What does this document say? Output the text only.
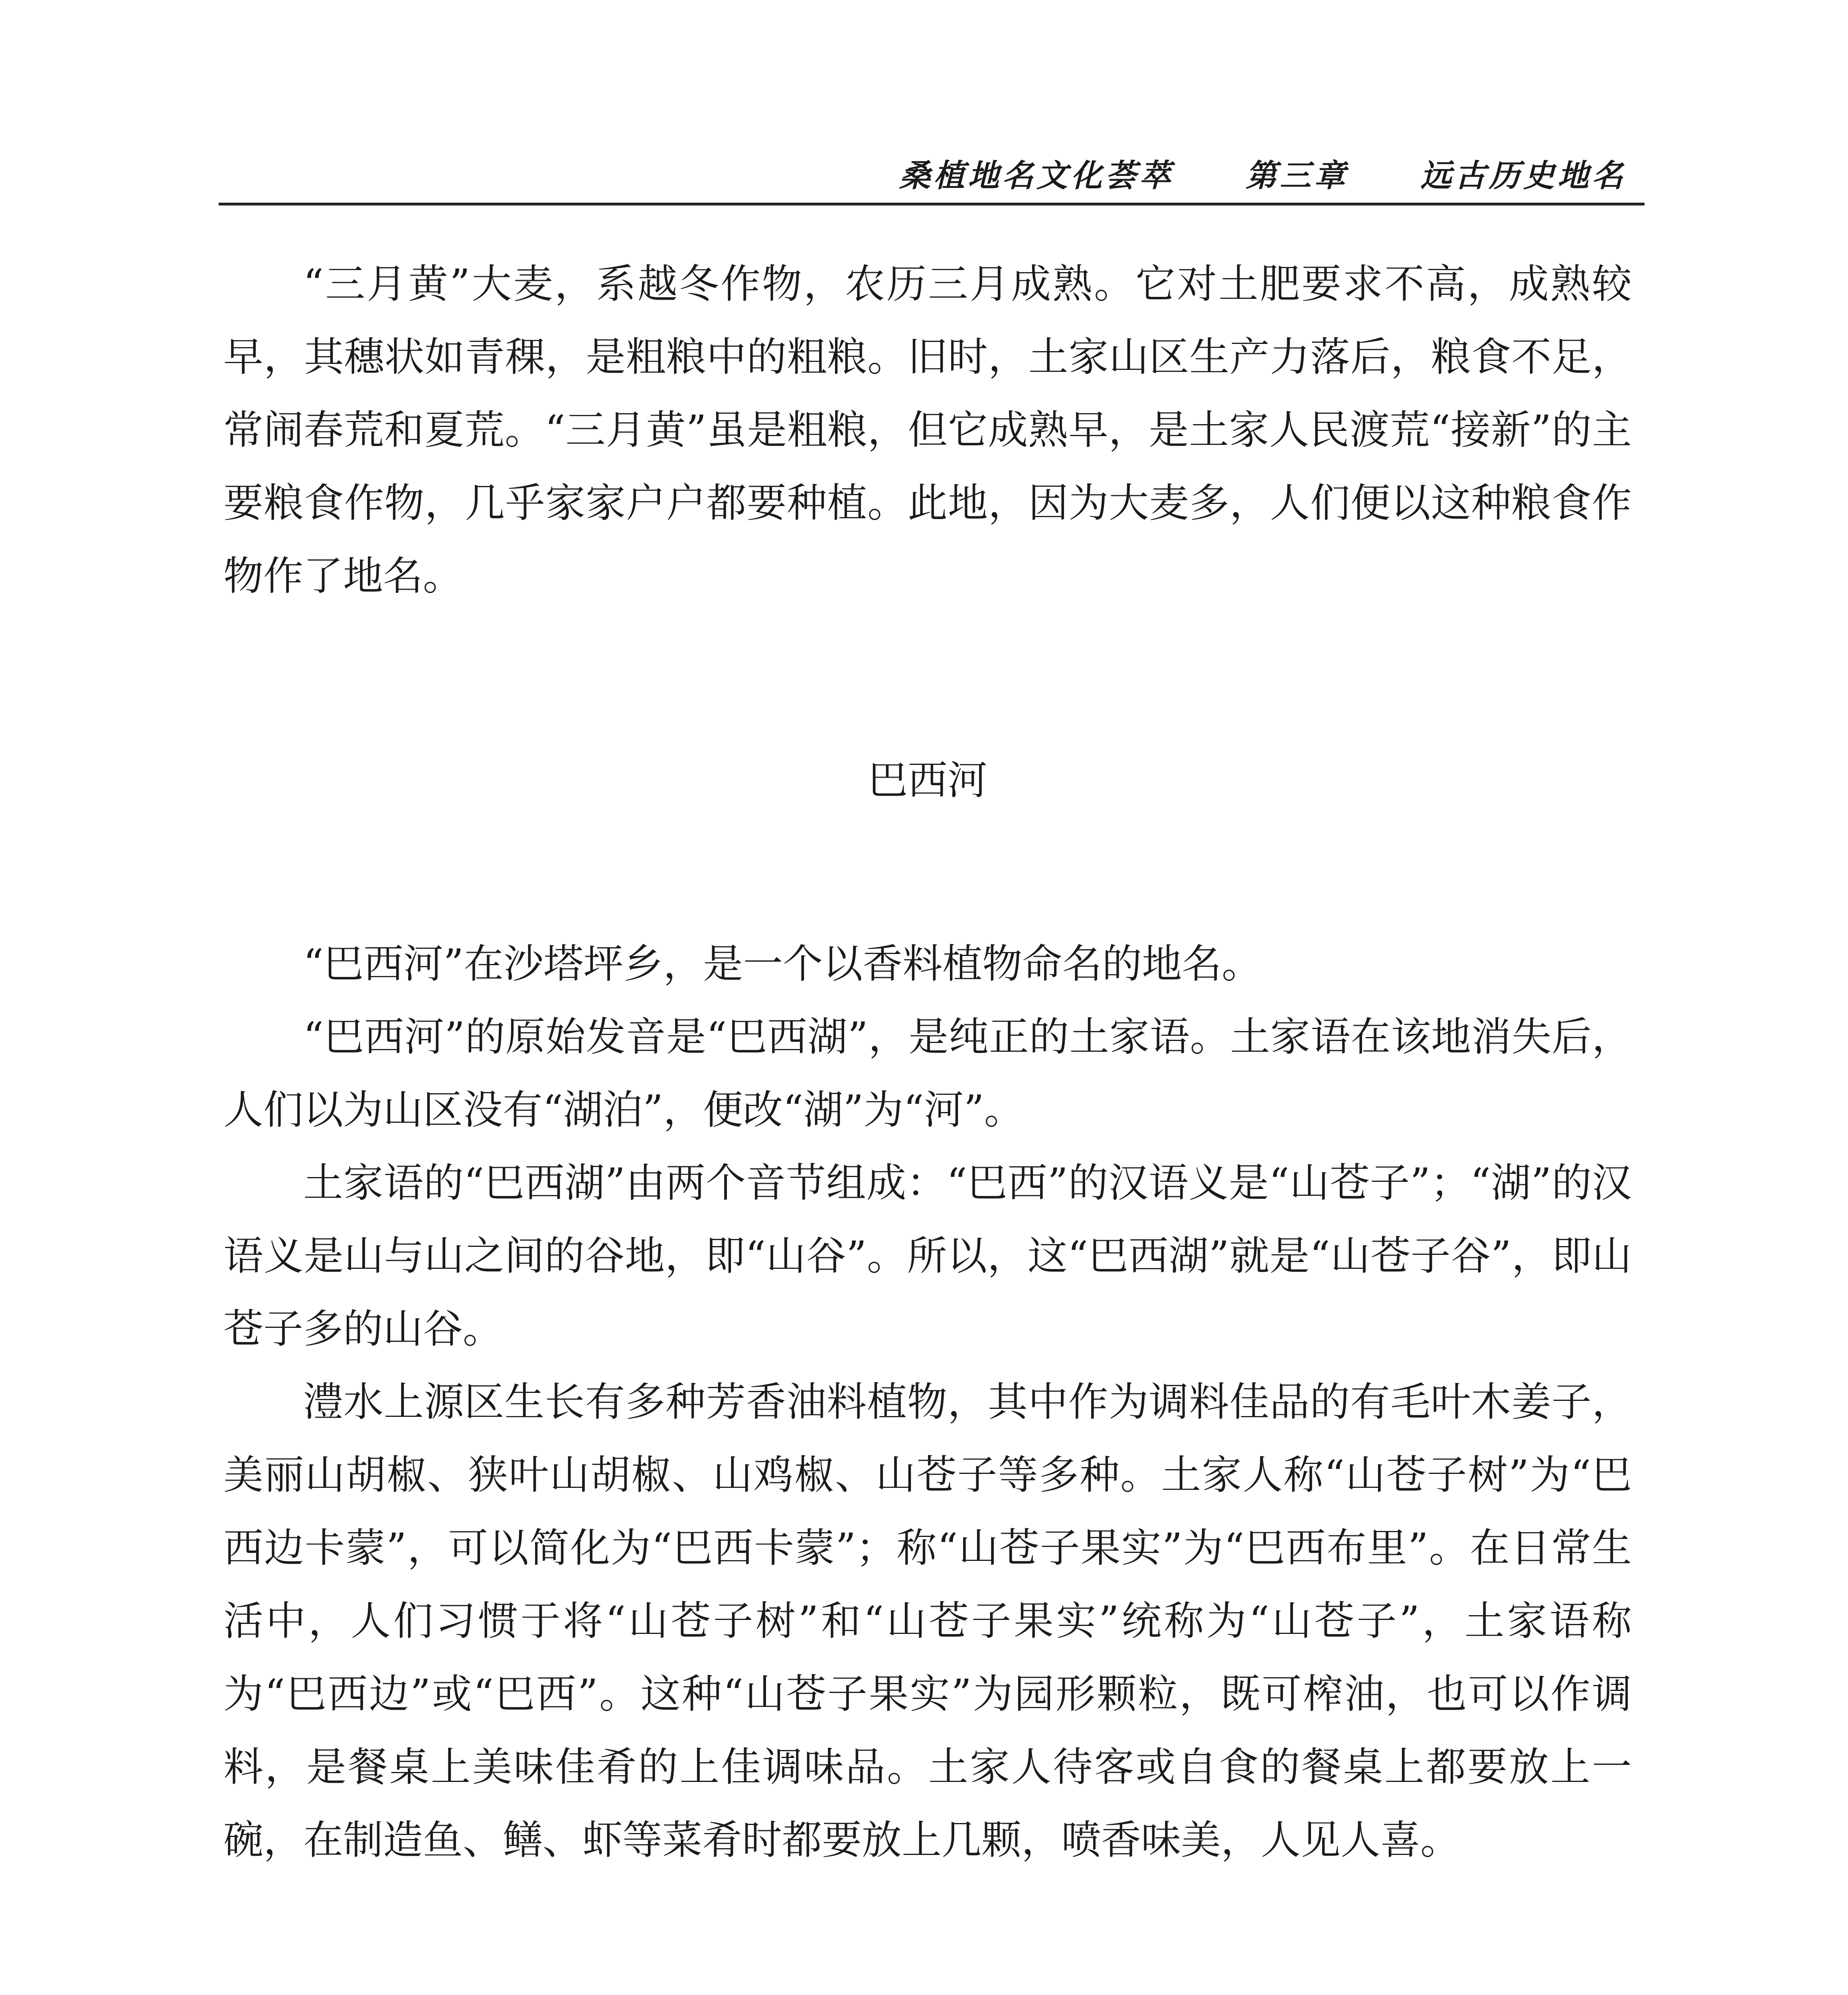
桑植地名文化荟萃 第三章 远古历史地名

“三月黄”大麦，系越冬作物，农历三月成熟。它对土肥要求不高，成熟较早，其穗状如青稞，是粗粮中的粗粮。旧时，土家山区生产力落后，粮食不足，常闹春荒和夏荒。“三月黄”虽是粗粮，但它成熟早，是土家人民渡荒“接新”的主要粮食作物，几乎家家户户都要种植。此地，因为大麦多，人们便以这种粮食作物作了地名。

巴西河

“巴西河”在沙塔坪乡，是一个以香料植物命名的地名。

“巴西河”的原始发音是“巴西湖”，是纯正的土家语。土家语在该地消失后，人们以为山区没有“湖泊”，便改“湖”为“河”。

土家语的“巴西湖”由两个音节组成：“巴西”的汉语义是“山苍子”；“湖”的汉语义是山与山之间的谷地，即“山谷”。所以，这“巴西湖”就是“山苍子谷”，即山苍子多的山谷。

澧水上源区生长有多种芳香油料植物，其中作为调料佳品的有毛叶木姜子，美丽山胡椒、狭叶山胡椒、山鸡椒、山苍子等多种。土家人称“山苍子树”为“巴西边卡蒙”，可以简化为“巴西卡蒙”；称“山苍子果实”为“巴西布里”。在日常生活中，人们习惯于将“山苍子树”和“山苍子果实”统称为“山苍子”，土家语称为“巴西边”或“巴西”。这种“山苍子果实”为园形颗粒，既可榨油，也可以作调料，是餐桌上美味佳肴的上佳调味品。土家人待客或自食的餐桌上都要放上一碗，在制造鱼、鳝、虾等菜肴时都要放上几颗，喷香味美，人见人喜。
